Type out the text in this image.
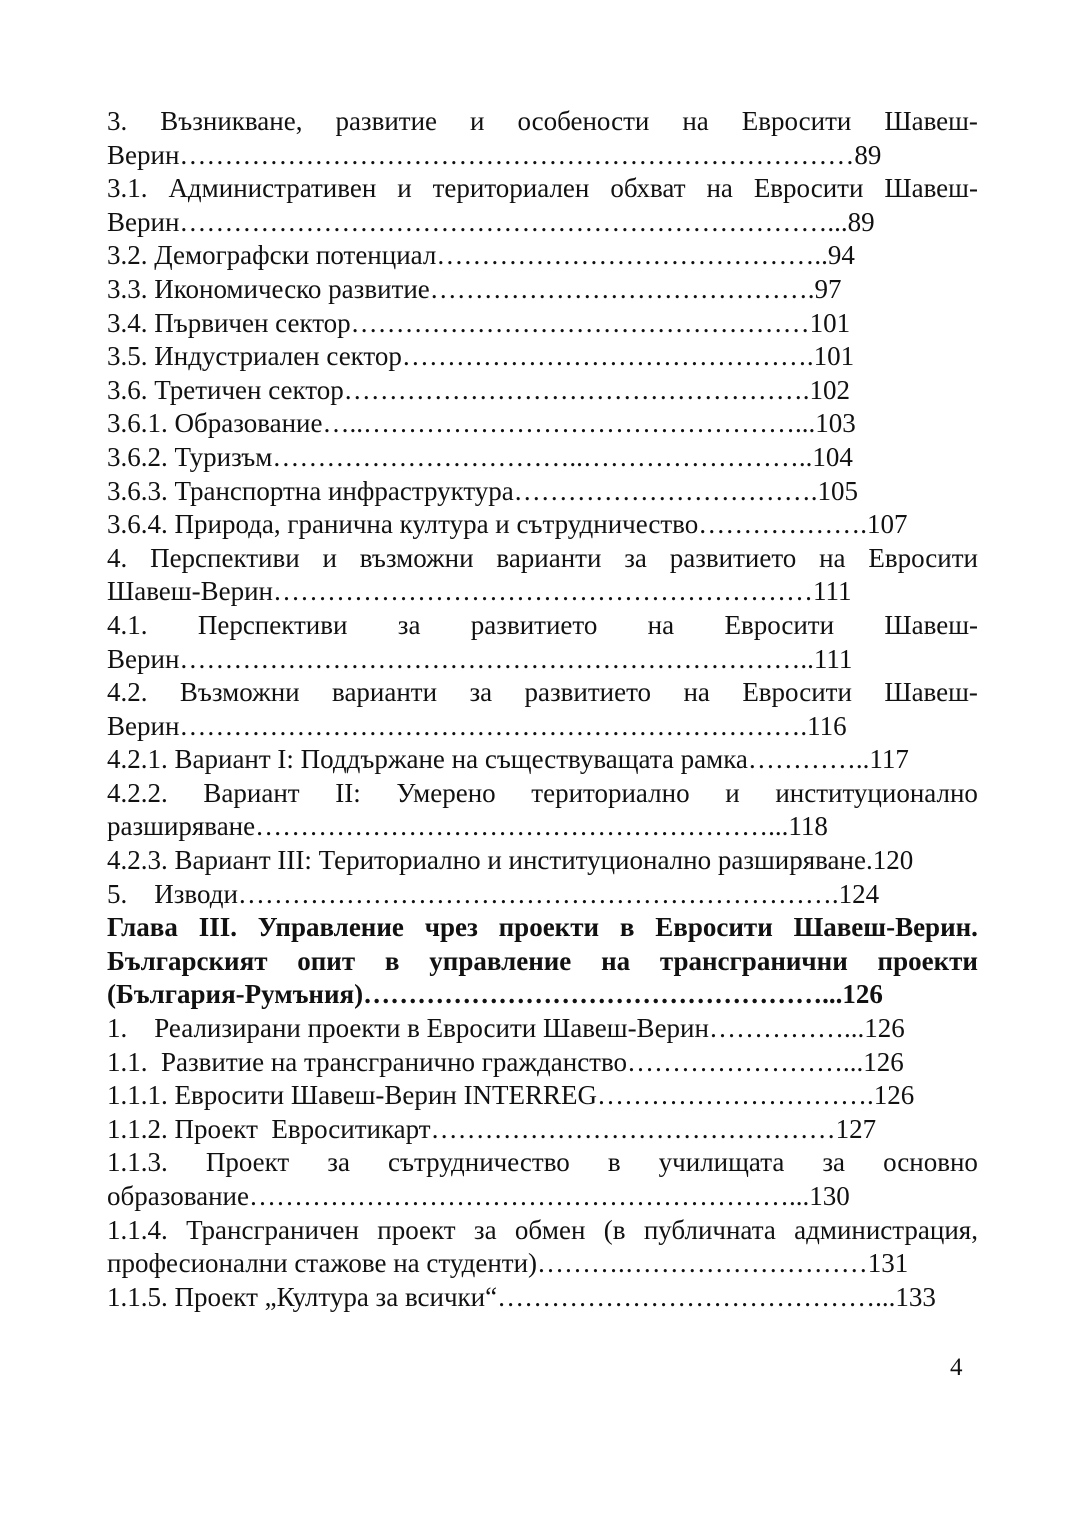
3. Възникване, развитие и особености на Евросити Шавеш-
Верин…………………………………………………………………89
3.1. Административен и териториален обхват на Евросити Шавеш-
Верин………………………………………………………………...89
3.2. Демографски потенциал……………………………………..94
3.3. Икономическо развитие…………………………………….97
3.4. Първичен сектор……………………………………………101
3.5. Индустриален сектор……………………………………….101
3.6. Третичен сектор…………………………………………….102
3.6.1. Образование…..…………………………………………...103
3.6.2. Туризъм……………………………..……………………..104
3.6.3. Транспортна инфраструктура…………………………….105
3.6.4. Природа, гранична култура и сътрудничество……………….107
4. Перспективи и възможни варианти за развитието на Евросити
Шавеш-Верин……………………………………………………111
4.1. Перспективи за развитието на Евросити Шавеш-
Верин……………………………………………………………..111
4.2. Възможни варианти за развитието на Евросити Шавеш-
Верин…………………………………………………………….116
4.2.1. Вариант I: Поддържане на съществуващата рамка…………..117
4.2.2. Вариант II: Умерено териториално и институционално
разширяване…………………………………………………...118
4.2.3. Вариант III: Териториално и институционално разширяване.120
5.    Изводи………………………………………………………….124
Глава III. Управление чрез проекти в Евросити Шавеш-Верин.
Българският опит в управление на трансгранични проекти
(България-Румъния)……………………………………………...126
1.    Реализирани проекти в Евросити Шавеш-Верин……………...126
1.1.  Развитие на трансгранично гражданство……………………...126
1.1.1. Евросити Шавеш-Верин INTERREG………………………….126
1.1.2. Проект  Евроситикарт………………………………………127
1.1.3. Проект за сътрудничество в училищата за основно
образование……………………………………………………...130
1.1.4. Трансграничен проект за обмен (в публичната администрация,
професионални стажове на студенти)……….………………………131
1.1.5. Проект „Култура за всички“……………………………………...133
4
